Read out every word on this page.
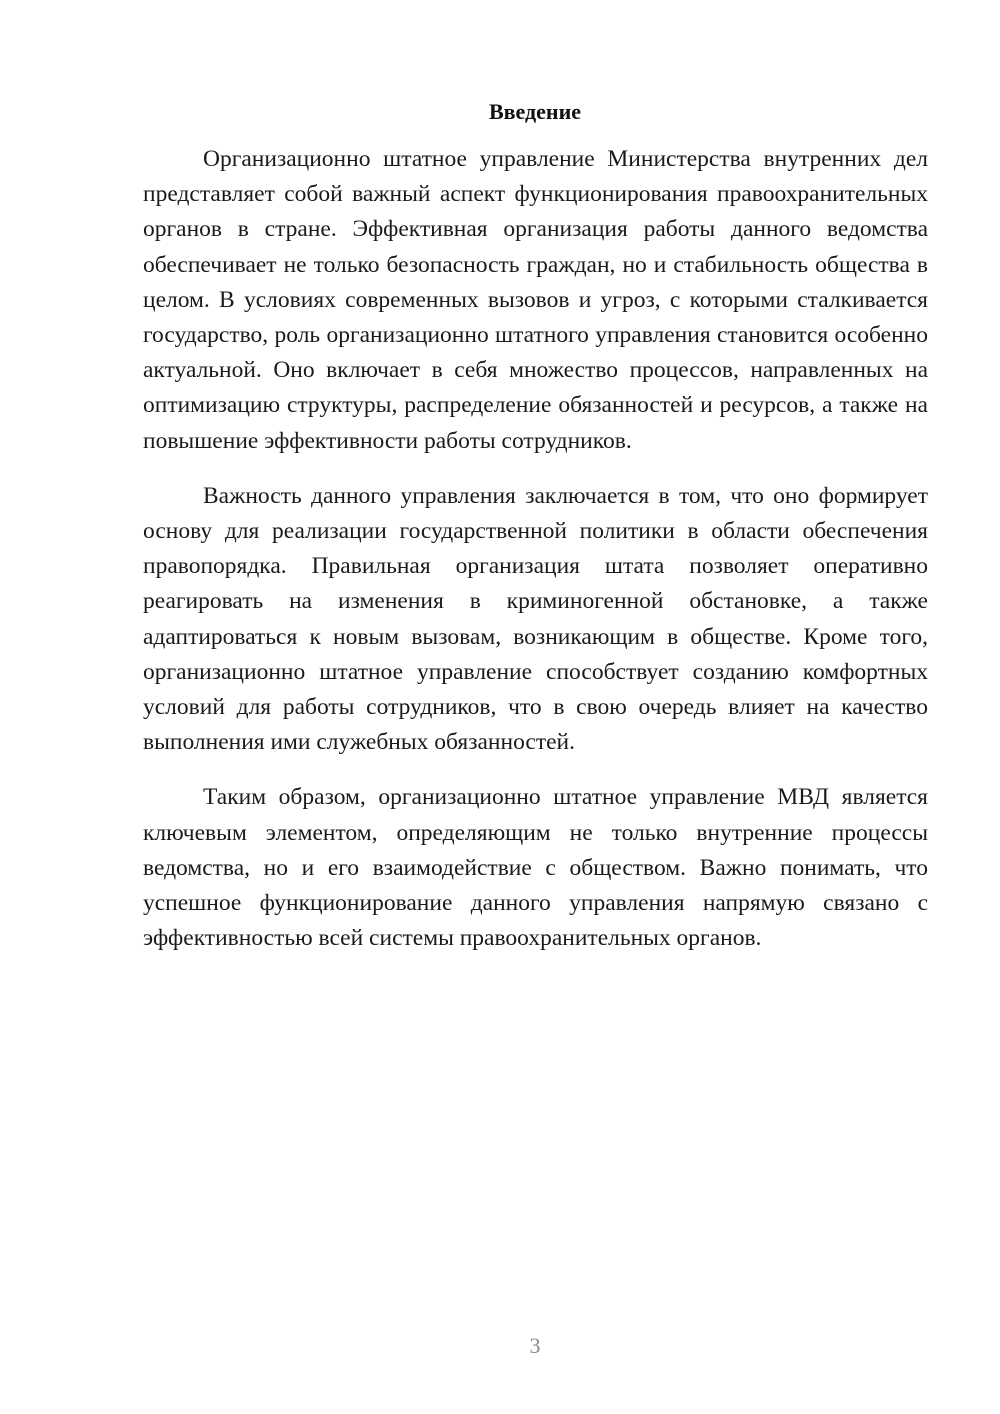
Введение

Организационно штатное управление Министерства внутренних дел представляет собой важный аспект функционирования правоохранительных органов в стране. Эффективная организация работы данного ведомства обеспечивает не только безопасность граждан, но и стабильность общества в целом. В условиях современных вызовов и угроз, с которыми сталкивается государство, роль организационно штатного управления становится особенно актуальной. Оно включает в себя множество процессов, направленных на оптимизацию структуры, распределение обязанностей и ресурсов, а также на повышение эффективности работы сотрудников.

Важность данного управления заключается в том, что оно формирует основу для реализации государственной политики в области обеспечения правопорядка. Правильная организация штата позволяет оперативно реагировать на изменения в криминогенной обстановке, а также адаптироваться к новым вызовам, возникающим в обществе. Кроме того, организационно штатное управление способствует созданию комфортных условий для работы сотрудников, что в свою очередь влияет на качество выполнения ими служебных обязанностей.

Таким образом, организационно штатное управление МВД является ключевым элементом, определяющим не только внутренние процессы ведомства, но и его взаимодействие с обществом. Важно понимать, что успешное функционирование данного управления напрямую связано с эффективностью всей системы правоохранительных органов.

3
